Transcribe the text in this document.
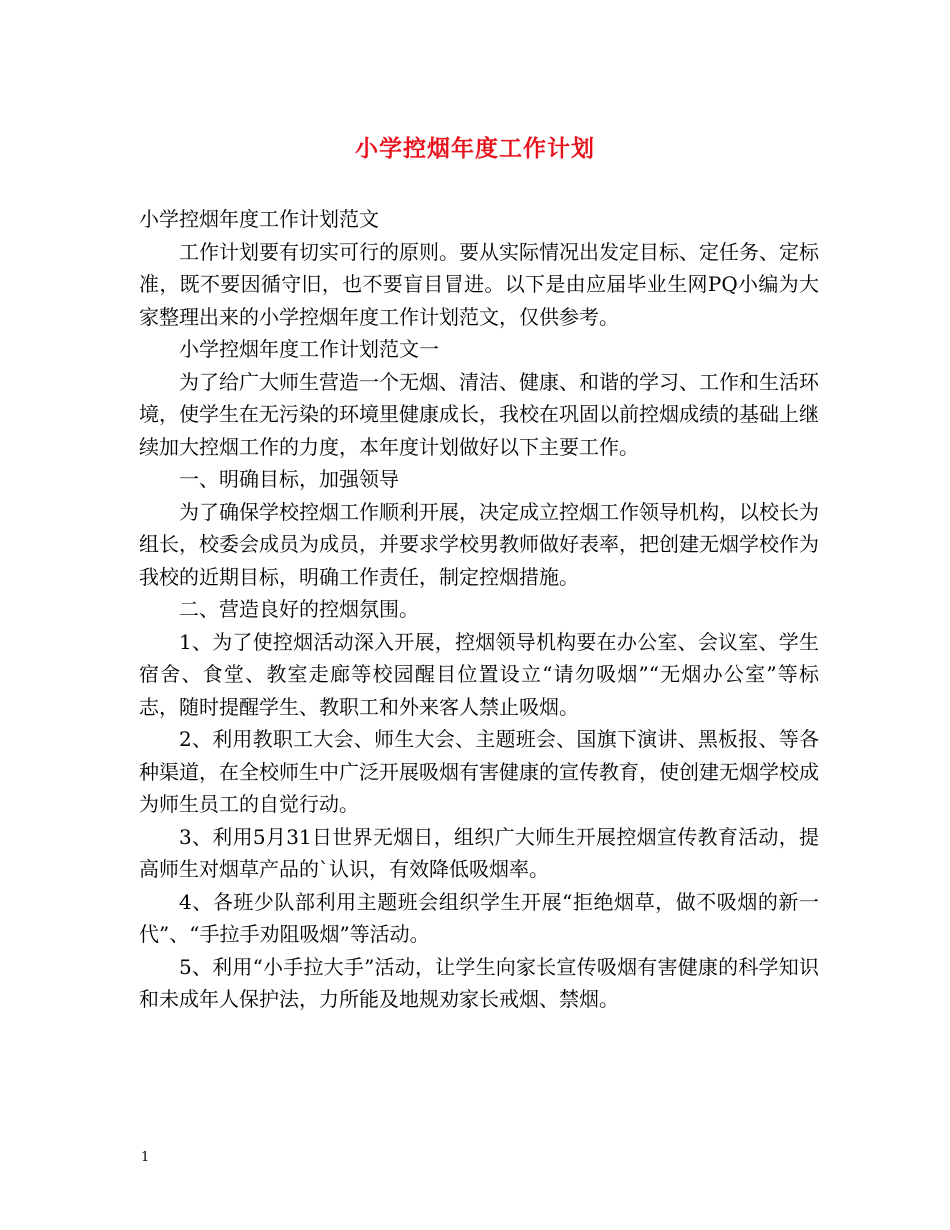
小学控烟年度工作计划

小学控烟年度工作计划范文

工作计划要有切实可行的原则。要从实际情况出发定目标、定任务、定标准，既不要因循守旧，也不要盲目冒进。以下是由应届毕业生网PQ小编为大家整理出来的小学控烟年度工作计划范文，仅供参考。

小学控烟年度工作计划范文一

为了给广大师生营造一个无烟、清洁、健康、和谐的学习、工作和生活环境，使学生在无污染的环境里健康成长，我校在巩固以前控烟成绩的基础上继续加大控烟工作的力度，本年度计划做好以下主要工作。

一、明确目标，加强领导

为了确保学校控烟工作顺利开展，决定成立控烟工作领导机构，以校长为组长，校委会成员为成员，并要求学校男教师做好表率，把创建无烟学校作为我校的近期目标，明确工作责任，制定控烟措施。

二、营造良好的控烟氛围。

1、为了使控烟活动深入开展，控烟领导机构要在办公室、会议室、学生宿舍、食堂、教室走廊等校园醒目位置设立“请勿吸烟”“无烟办公室”等标志，随时提醒学生、教职工和外来客人禁止吸烟。

2、利用教职工大会、师生大会、主题班会、国旗下演讲、黑板报、等各种渠道，在全校师生中广泛开展吸烟有害健康的宣传教育，使创建无烟学校成为师生员工的自觉行动。

3、利用5月31日世界无烟日，组织广大师生开展控烟宣传教育活动，提高师生对烟草产品的`认识，有效降低吸烟率。

4、各班少队部利用主题班会组织学生开展“拒绝烟草，做不吸烟的新一代”、“手拉手劝阻吸烟”等活动。

5、利用“小手拉大手”活动，让学生向家长宣传吸烟有害健康的科学知识和未成年人保护法，力所能及地规劝家长戒烟、禁烟。

1
